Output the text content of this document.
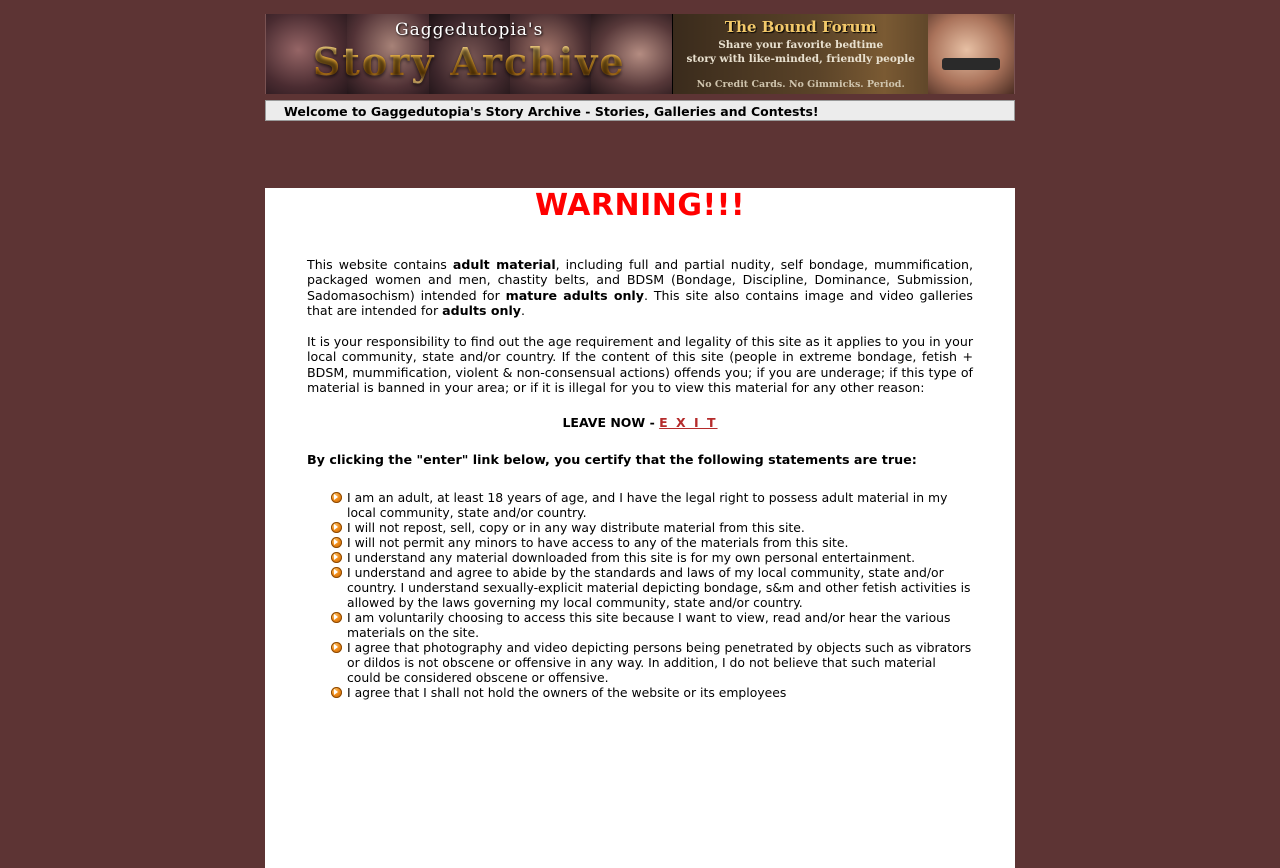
Gaggedutopia's	The Bound Forum
Share your favorite bedtime
story with like-minded, friendly people
No Credit Cards. No Gimmicks. Period.
Welcome to Gaggedutopia's Story Archive - Stories, Galleries and Contests!
WARNING!!!

This website contains adult material, including full and partial nudity, self bondage, mummification, packaged women and men, chastity belts, and BDSM (Bondage, Discipline, Dominance, Submission, Sadomasochism) intended for mature adults only. This site also contains image and video galleries that are intended for adults only.

It is your responsibility to find out the age requirement and legality of this site as it applies to you in your local community, state and/or country. If the content of this site (people in extreme bondage, fetish + BDSM, mummification, violent & non-consensual actions) offends you; if you are underage; if this type of material is banned in your area; or if it is illegal for you to view this material for any other reason:

LEAVE NOW - E X I T

By clicking the "enter" link below, you certify that the following statements are true:

I am an adult, at least 18 years of age, and I have the legal right to possess adult material in my local community, state and/or country.
I will not repost, sell, copy or in any way distribute material from this site.
I will not permit any minors to have access to any of the materials from this site.
I understand any material downloaded from this site is for my own personal entertainment.
I understand and agree to abide by the standards and laws of my local community, state and/or country. I understand sexually-explicit material depicting bondage, s&m and other fetish activities is allowed by the laws governing my local community, state and/or country.
I am voluntarily choosing to access this site because I want to view, read and/or hear the various materials on the site.
I agree that photography and video depicting persons being penetrated by objects such as vibrators or dildos is not obscene or offensive in any way. In addition, I do not believe that such material could be considered obscene or offensive.
I agree that I shall not hold the owners of the website or its employees
